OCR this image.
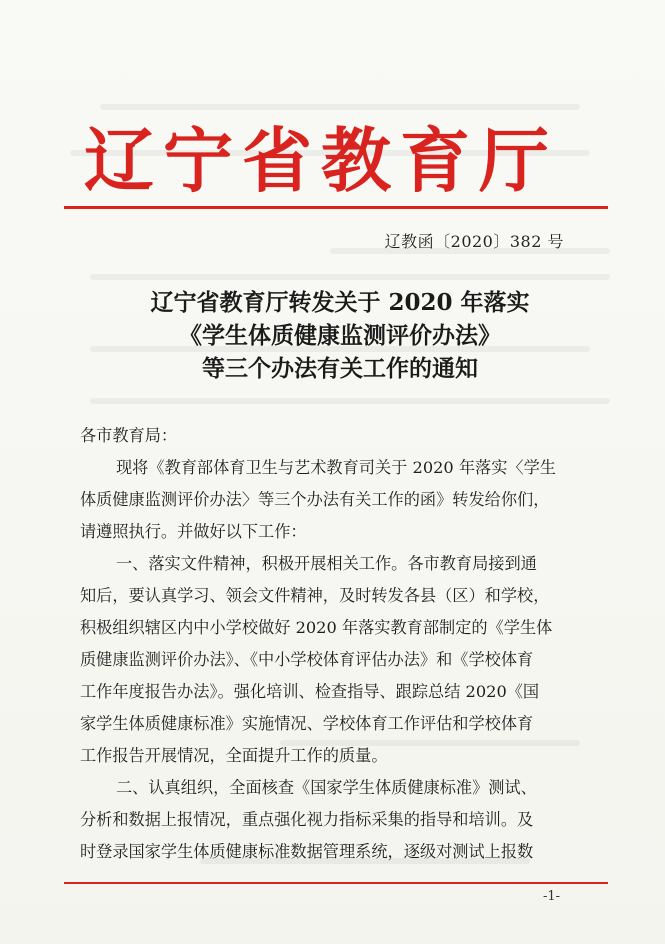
辽宁省教育厅
辽教函〔2020〕382 号
辽宁省教育厅转发关于 2020 年落实
《学生体质健康监测评价办法》
等三个办法有关工作的通知

各市教育局：

现将《教育部体育卫生与艺术教育司关于 2020 年落实〈学生

体质健康监测评价办法〉等三个办法有关工作的函》转发给你们，

请遵照执行。并做好以下工作：

一、落实文件精神，积极开展相关工作。各市教育局接到通

知后，要认真学习、领会文件精神，及时转发各县（区）和学校，

积极组织辖区内中小学校做好 2020 年落实教育部制定的《学生体

质健康监测评价办法》、《中小学校体育评估办法》和《学校体育

工作年度报告办法》。强化培训、检查指导、跟踪总结 2020《国

家学生体质健康标准》实施情况、学校体育工作评估和学校体育

工作报告开展情况，全面提升工作的质量。

二、认真组织，全面核查《国家学生体质健康标准》测试、

分析和数据上报情况，重点强化视力指标采集的指导和培训。及

时登录国家学生体质健康标准数据管理系统，逐级对测试上报数

-1-
